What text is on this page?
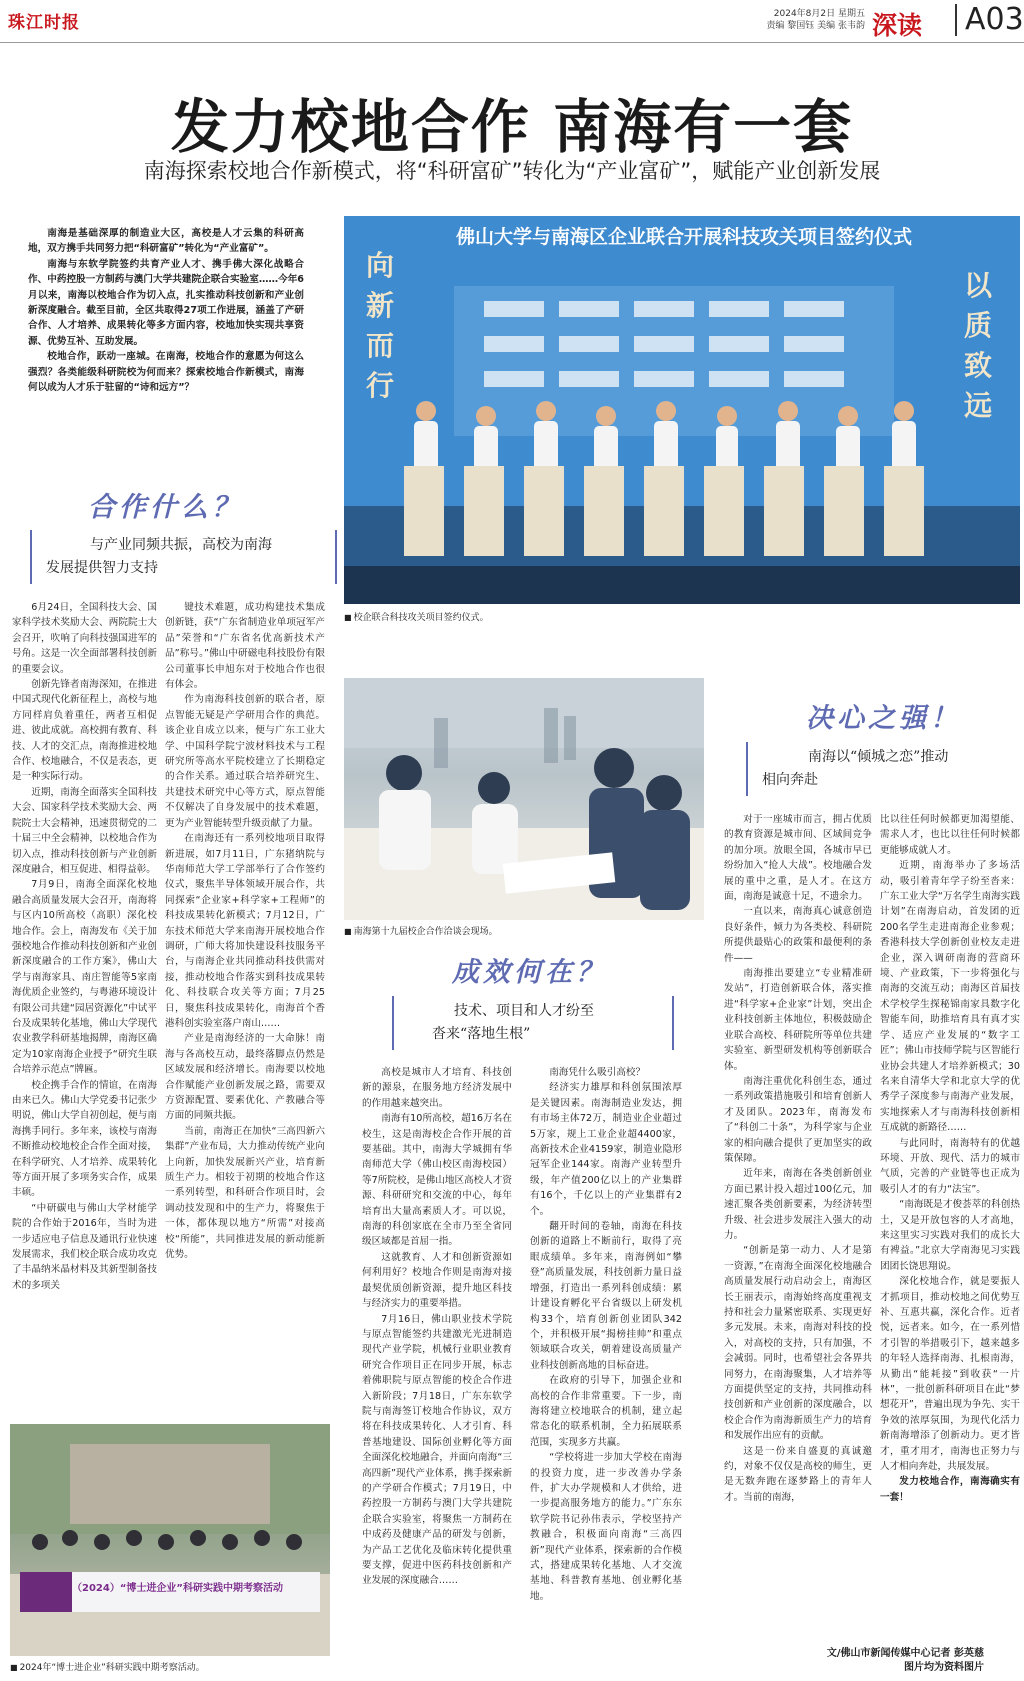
珠江时报	2024年8月2日 星期五
责编 黎国钰 美编 张韦韵 深读	A03
发力校地合作 南海有一套
南海探索校地合作新模式，将“科研富矿”转化为“产业富矿”，赋能产业创新发展

南海是基础深厚的制造业大区，高校是人才云集的科研高地，双方携手共同努力把“科研富矿”转化为“产业富矿”。

南海与东软学院签约共育产业人才、携手佛大深化战略合作、中药控股一方制药与澳门大学共建院企联合实验室……今年6月以来，南海以校地合作为切入点，扎实推动科技创新和产业创新深度融合。截至目前，全区共取得27项工作进展，涵盖了产研合作、人才培养、成果转化等多方面内容，校地加快实现共享资源、优势互补、互助发展。

校地合作，跃动一座城。在南海，校地合作的意愿为何这么强烈？各类能级科研院校为何而来？探索校地合作新模式，南海何以成为人才乐于驻留的“诗和远方”？

佛山大学与南海区企业联合开展科技攻关项目签约仪式
向新而行
以质致远
■ 校企联合科技攻关项目签约仪式。
合作什么？
与产业同频共振，高校为南海
发展提供智力支持

6月24日，全国科技大会、国家科学技术奖励大会、两院院士大会召开，吹响了向科技强国进军的号角。这是一次全面部署科技创新的重要会议。

创新先锋者南海深知，在推进中国式现代化新征程上，高校与地方同样肩负着重任，两者互相促进、彼此成就。高校拥有教育、科技、人才的交汇点，南海推进校地合作、校地融合，不仅是表态，更是一种实际行动。

近期，南海全面落实全国科技大会、国家科学技术奖励大会、两院院士大会精神，迅速贯彻党的二十届三中全会精神，以校地合作为切入点，推动科技创新与产业创新深度融合，相互促进、相得益彰。

7月9日，南海全面深化校地融合高质量发展大会召开，南海将与区内10所高校（高职）深化校地合作。会上，南海发布《关于加强校地合作推动科技创新和产业创新深度融合的工作方案》，佛山大学与南海家具、南庄智能等5家南海优质企业签约，与粤港环境设计有限公司共建“园居资源化”中试平台及成果转化基地，佛山大学现代农业教学科研基地揭牌，南海区确定为10家南海企业授予“研究生联合培养示范点”牌匾。

校企携手合作的情谊，在南海由来已久。佛山大学党委书记张少明说，佛山大学自初创起，便与南海携手同行。多年来，该校与南海不断推动校地校企合作全面对接，在科学研究、人才培养、成果转化等方面开展了多项务实合作，成果丰硕。

“中研碳电与佛山大学材能学院的合作始于2016年，当时为进一步适应电子信息及通讯行业快速发展需求，我们校企联合成功攻克了丰晶纳米晶材料及其新型制备技术的多项关

键技术难题，成功构建技术集成创新链，获“广东省制造业单项冠军产品”荣誉和“广东省名优高新技术产品”称号。”佛山中研磁电科技股份有限公司董事长申旭东对于校地合作也很有体会。

作为南海科技创新的联合者，原点智能无疑是产学研用合作的典范。该企业自成立以来，便与广东工业大学、中国科学院宁波材料技术与工程研究所等高水平院校建立了长期稳定的合作关系。通过联合培养研究生、共建技术研究中心等方式，原点智能不仅解决了自身发展中的技术难题，更为产业智能转型升级贡献了力量。

在南海还有一系列校地项目取得新进展，如7月11日，广东猪纳院与华南师范大学工学部举行了合作签约仪式，聚焦半导体领域开展合作，共同探索“企业家+科学家+工程师”的科技成果转化新模式；7月12日，广东技术师范大学来南海开展校地合作调研，广师大将加快建设科技服务平台，与南海企业共同推动科技供需对接，推动校地合作落实到科技成果转化、科技联合攻关等方面；7月25日，聚焦科技成果转化，南海首个香港科创实验室落户南山……

产业是南海经济的一大命脉！南海与各高校互动，最终落脚点仍然是区域发展和经济增长。南海要以校地合作赋能产业创新发展之路，需要双方资源配置、要素优化、产教融合等方面的同频共振。

当前，南海正在加快“三高四新六集群”产业布局，大力推动传统产业向上向新，加快发展新兴产业，培育新质生产力。相较于初期的校地合作这一系列转型，和科研合作项目时，会调动技发现和中的生产力，将聚焦于一体，都体现以地方“所需”对接高校“所能”，共同推进发展的新动能新优势。

■ 南海第十九届校企合作洽谈会现场。
成效何在？
技术、项目和人才纷至
沓来“落地生根”

高校是城市人才培育、科技创新的源泉，在服务地方经济发展中的作用越来越突出。

南海有10所高校，超16万名在校生，这是南海校企合作开展的首要基础。其中，南海大学城拥有华南师范大学（佛山校区南海校园）等7所院校，是佛山地区高校人才资源、科研研究和交流的中心，每年培育出大量高素质人才。可以说，南海的科创家底在全市乃至全省同级区域都是首屈一指。

这就教育、人才和创新资源如何利用好？校地合作则是南海对接最契优质创新资源，提升地区科技与经济实力的重要举措。

7月16日，佛山职业技术学院与原点智能签约共建激光光进制造现代产业学院，机械行业职业教育研究合作项目正在同步开展，标志着佛职院与原点智能的校企合作进入新阶段；7月18日，广东东软学院与南海签订校地合作协议，双方将在科技成果转化、人才引育、科普基地建设、国际创业孵化等方面全面深化校地融合，并面向南海“三高四新”现代产业体系，携手探索新的产学研合作模式；7月19日，中药控股一方制药与澳门大学共建院企联合实验室，将聚焦一方制药在中成药及健康产品的研发与创新，为产品工艺优化及临床转化提供重要支撑，促进中医药科技创新和产业发展的深度融合……

南海凭什么吸引高校？

经济实力雄厚和科创氛围浓厚是关键因素。南海制造业发达，拥有市场主体72万，制造业企业超过5万家，规上工业企业超4400家，高新技术企业4159家，制造业隐形冠军企业144家。南海产业转型升级，年产值200亿以上的产业集群有16个，千亿以上的产业集群有2个。

翻开时间的卷轴，南海在科技创新的道路上不断前行，取得了亮眼成绩单。多年来，南海例如“攀登”高质量发展，科技创新力量日益增强，打造出一系列科创成绩：累计建设育孵化平台省级以上研发机构33个，培育创新创业团队342个，并积极开展“揭榜挂帅”和重点领域联合攻关，朝着建设高质量产业科技创新高地的目标奋进。

在政府的引导下，加强企业和高校的合作非常重要。下一步，南海将建立校地联合的机制，建立起常态化的联系机制，全力拓展联系范围，实现多方共赢。

“学校将进一步加大学校在南海的投资力度，进一步改善办学条件，扩大办学规模和人才供给，进一步提高服务地方的能力。”广东东软学院书记孙伟表示，学校坚持产教融合，积极面向南海“三高四新”现代产业体系，探索新的合作模式，搭建成果转化基地、人才交流基地、科普教育基地、创业孵化基地。

决心之强！
南海以“倾城之恋”推动
相向奔赴

对于一座城市而言，拥占优质的教育资源是城市间、区域间竞争的加分项。放眼全国，各城市早已纷纷加入“抢人大战”。校地融合发展的重中之重，是人才。在这方面，南海是诚意十足，不遗余力。

一直以来，南海真心诚意创造良好条件，倾力为各类校、科研院所提供最贴心的政策和最便利的条件——

南海推出要建立“专业精准研发站”，打造创新联合体，落实推进“科学家+企业家”计划，突出企业科技创新主体地位，积极鼓励企业联合高校、科研院所等单位共建实验室、新型研发机构等创新联合体。

南海注重优化科创生态，通过一系列政策措施吸引和培育创新人才及团队。2023年，南海发布了“科创二十条”，为科学家与企业家的相向融合提供了更加坚实的政策保障。

近年来，南海在各类创新创业方面已累计投入超过100亿元，加速汇聚各类创新要素，为经济转型升级、社会进步发展注入强大的动力。

“创新是第一动力、人才是第一资源，”在南海全面深化校地融合高质量发展行动启动会上，南海区长王丽表示，南海始终高度重视支持和社会力量紧密联系、实现更好多元发展。未来，南海对科技的投入，对高校的支持，只有加强，不会减弱。同时，也希望社会各界共同努力，在南海聚集，人才培养等方面提供坚定的支持，共同推动科技创新和产业创新的深度融合，以校企合作为南海新质生产力的培育和发展作出应有的贡献。

这是一份来自盛夏的真诚邀约，对象不仅仅是高校的师生，更是无数奔跑在逐梦路上的青年人才。当前的南海，

比以往任何时候都更加渴望能、需求人才，也比以往任何时候都更能够成就人才。

近期，南海举办了多场活动，吸引着青年学子纷至沓来：广东工业大学“万名学生南海实践计划”在南海启动，首发团的近200名学生走进南海企业参观；香港科技大学创新创业校友走进企业，深入调研南海的营商环境、产业政策，下一步将强化与南海的交流互动；南海区首届技术学校学生探秘锦南家具数字化智能车间，助推培育具有真才实学、适应产业发展的“数字工匠”；佛山市技师学院与区智能行业协会共建人才培养新模式；30名来自清华大学和北京大学的优秀学子深度参与南海产业发展，实地探索人才与南海科技创新相互成就的新路径……

与此同时，南海特有的优越环境、开放、现代、活力的城市气质，完善的产业链等也正成为吸引人才的有力“法宝”。

“南海既是才俊荟萃的科创热土，又是开放包容的人才高地，来这里实习实践对我们的成长大有裨益。”北京大学南海见习实践团团长饶思翔说。

深化校地合作，就是要振人才抓项目，推动校地之间优势互补、互惠共赢，深化合作。近者悦，远者来。如今，在一系列惜才引智的举措吸引下，越来越多的年轻人选择南海、扎根南海，从勤出“能耗接”到收获“一片林”，一批创新科研项目在此“梦想花开”，普遍出现为争先、实干争效的浓厚氛围，为现代化活力新南海增添了创新动力。更才皆才，重才用才，南海也正努力与人才相向奔赴，共展发展。

发力校地合作，南海确实有一套！

（2024）“博士进企业”科研实践中期考察活动
■ 2024年“博士进企业”科研实践中期考察活动。
文/佛山市新闻传媒中心记者 彭英慈
图片均为资料图片
